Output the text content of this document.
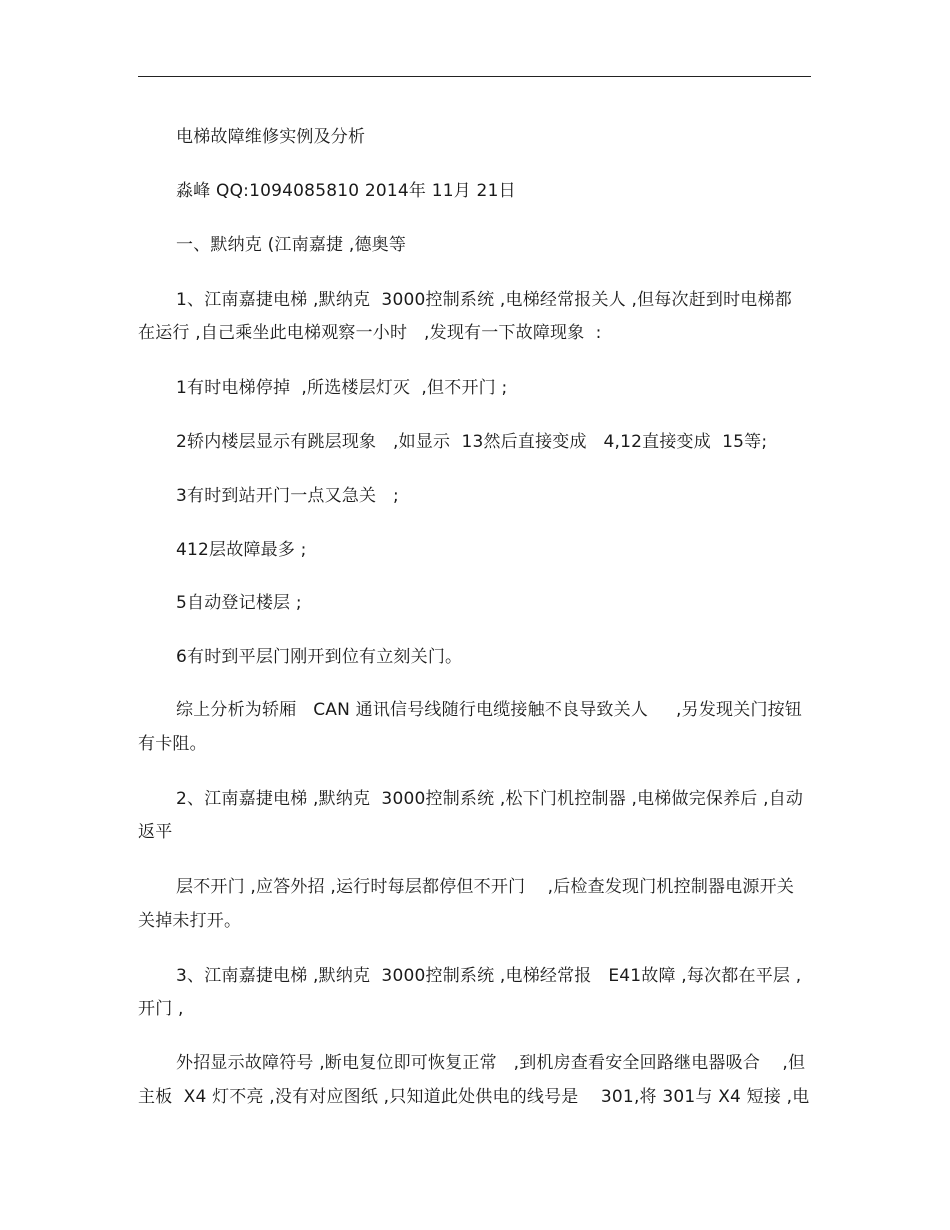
电梯故障维修实例及分析
淼峰 QQ:1094085810 2014年 11月 21日
一、默纳克 (江南嘉捷 ,德奥等
1、江南嘉捷电梯 ,默纳克  3000控制系统 ,电梯经常报关人 ,但每次赶到时电梯都
在运行 ,自己乘坐此电梯观察一小时   ,发现有一下故障现象  :
1有时电梯停掉  ,所选楼层灯灭  ,但不开门 ;
2轿内楼层显示有跳层现象   ,如显示  13然后直接变成   4,12直接变成  15等;
3有时到站开门一点又急关   ;
412层故障最多 ;
5自动登记楼层 ;
6有时到平层门刚开到位有立刻关门。
综上分析为轿厢   CAN 通讯信号线随行电缆接触不良导致关人     ,另发现关门按钮
有卡阻。
2、江南嘉捷电梯 ,默纳克  3000控制系统 ,松下门机控制器 ,电梯做完保养后 ,自动
返平
层不开门 ,应答外招 ,运行时每层都停但不开门    ,后检查发现门机控制器电源开关
关掉未打开。
3、江南嘉捷电梯 ,默纳克  3000控制系统 ,电梯经常报   E41故障 ,每次都在平层 ,
开门 ,
外招显示故障符号 ,断电复位即可恢复正常   ,到机房查看安全回路继电器吸合    ,但
主板  X4 灯不亮 ,没有对应图纸 ,只知道此处供电的线号是    301,将 301与 X4 短接 ,电
